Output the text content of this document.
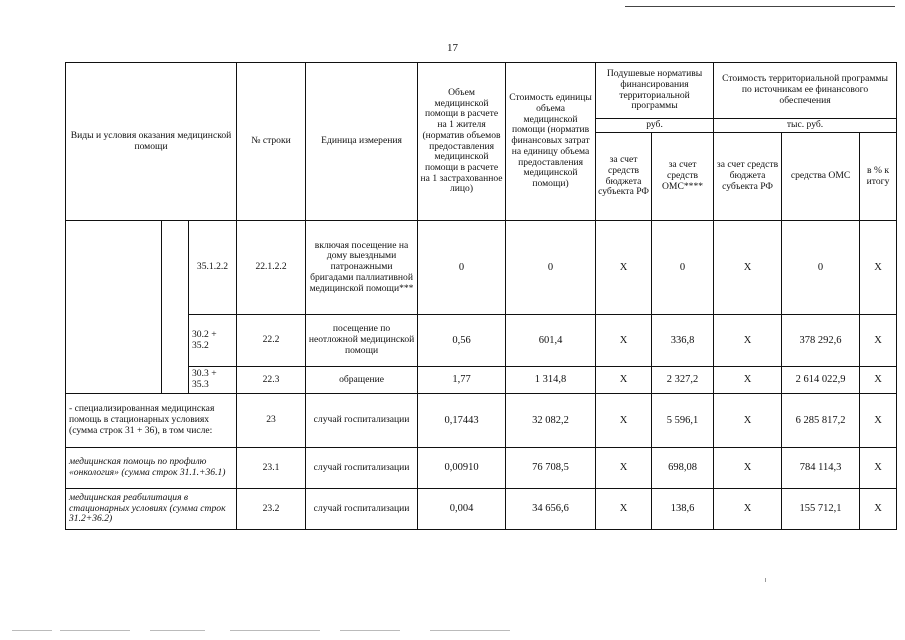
17
Виды и условия оказания медицинской помощи			№ строки	Единица измерения	Объем медицинской помощи в расчете на 1 жителя (норматив объемов предоставления медицинской помощи в расчете на 1 застрахованное лицо)	Стоимость единицы объема медицинской помощи (норматив финансовых затрат на единицу объема предоставления медицинской помощи)	Подушевые нормативы финансирования территориальной программы		Стоимость территориальной программы по источникам ее финансового обеспечения		
							руб.		тыс. руб.		
							за счет средств бюджета субъекта РФ	за счет средств ОМС****	за счет средств бюджета субъекта РФ	средства ОМС	в % к итогу
		35.1.2.2	22.1.2.2	включая посещение на дому выездными патронажными бригадами паллиативной медицинской помощи***	0	0	X	0	X	0	X
		30.2 + 35.2	22.2	посещение по неотложной медицинской помощи	0,56	601,4	X	336,8	X	378 292,6	X
		30.3 + 35.3	22.3	обращение	1,77	1 314,8	X	2 327,2	X	2 614 022,9	X
- специализированная медицинская помощь в стационарных условиях (сумма строк 31 + 36), в том числе:			23	случай госпитализации	0,17443	32 082,2	X	5 596,1	X	6 285 817,2	X
медицинская помощь по профилю «онкология» (сумма строк 31.1.+36.1)			23.1	случай госпитализации	0,00910	76 708,5	X	698,08	X	784 114,3	X
медицинская реабилитация в стационарных условиях (сумма строк 31.2+36.2)			23.2	случай госпитализации	0,004	34 656,6	X	138,6	X	155 712,1	X
